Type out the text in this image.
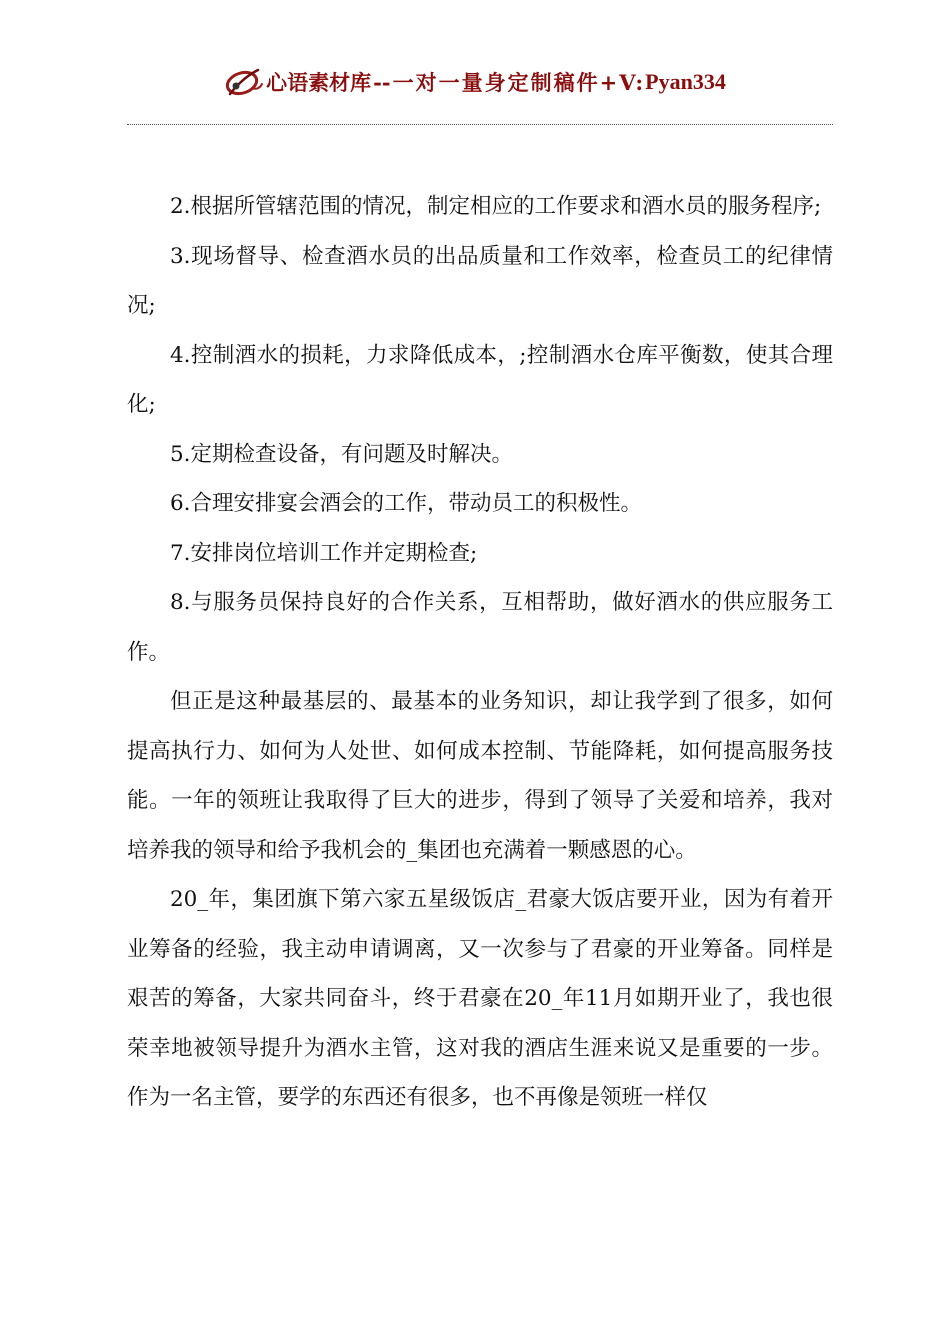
心语素材库 -- 一对一量身定制稿件+V: Pyan334

2.根据所管辖范围的情况，制定相应的工作要求和酒水员的服务程序;

3.现场督导、检查酒水员的出品质量和工作效率，检查员工的纪律情况;

4.控制酒水的损耗，力求降低成本，;控制酒水仓库平衡数，使其合理化;

5.定期检查设备，有问题及时解决。

6.合理安排宴会酒会的工作，带动员工的积极性。

7.安排岗位培训工作并定期检查;

8.与服务员保持良好的合作关系，互相帮助，做好酒水的供应服务工作。

但正是这种最基层的、最基本的业务知识，却让我学到了很多，如何提高执行力、如何为人处世、如何成本控制、节能降耗，如何提高服务技能。一年的领班让我取得了巨大的进步，得到了领导了关爱和培养，我对培养我的领导和给予我机会的_集团也充满着一颗感恩的心。

20_年，集团旗下第六家五星级饭店_君豪大饭店要开业，因为有着开业筹备的经验，我主动申请调离，又一次参与了君豪的开业筹备。同样是艰苦的筹备，大家共同奋斗，终于君豪在20_年11月如期开业了，我也很荣幸地被领导提升为酒水主管，这对我的酒店生涯来说又是重要的一步。作为一名主管，要学的东西还有很多，也不再像是领班一样仅
